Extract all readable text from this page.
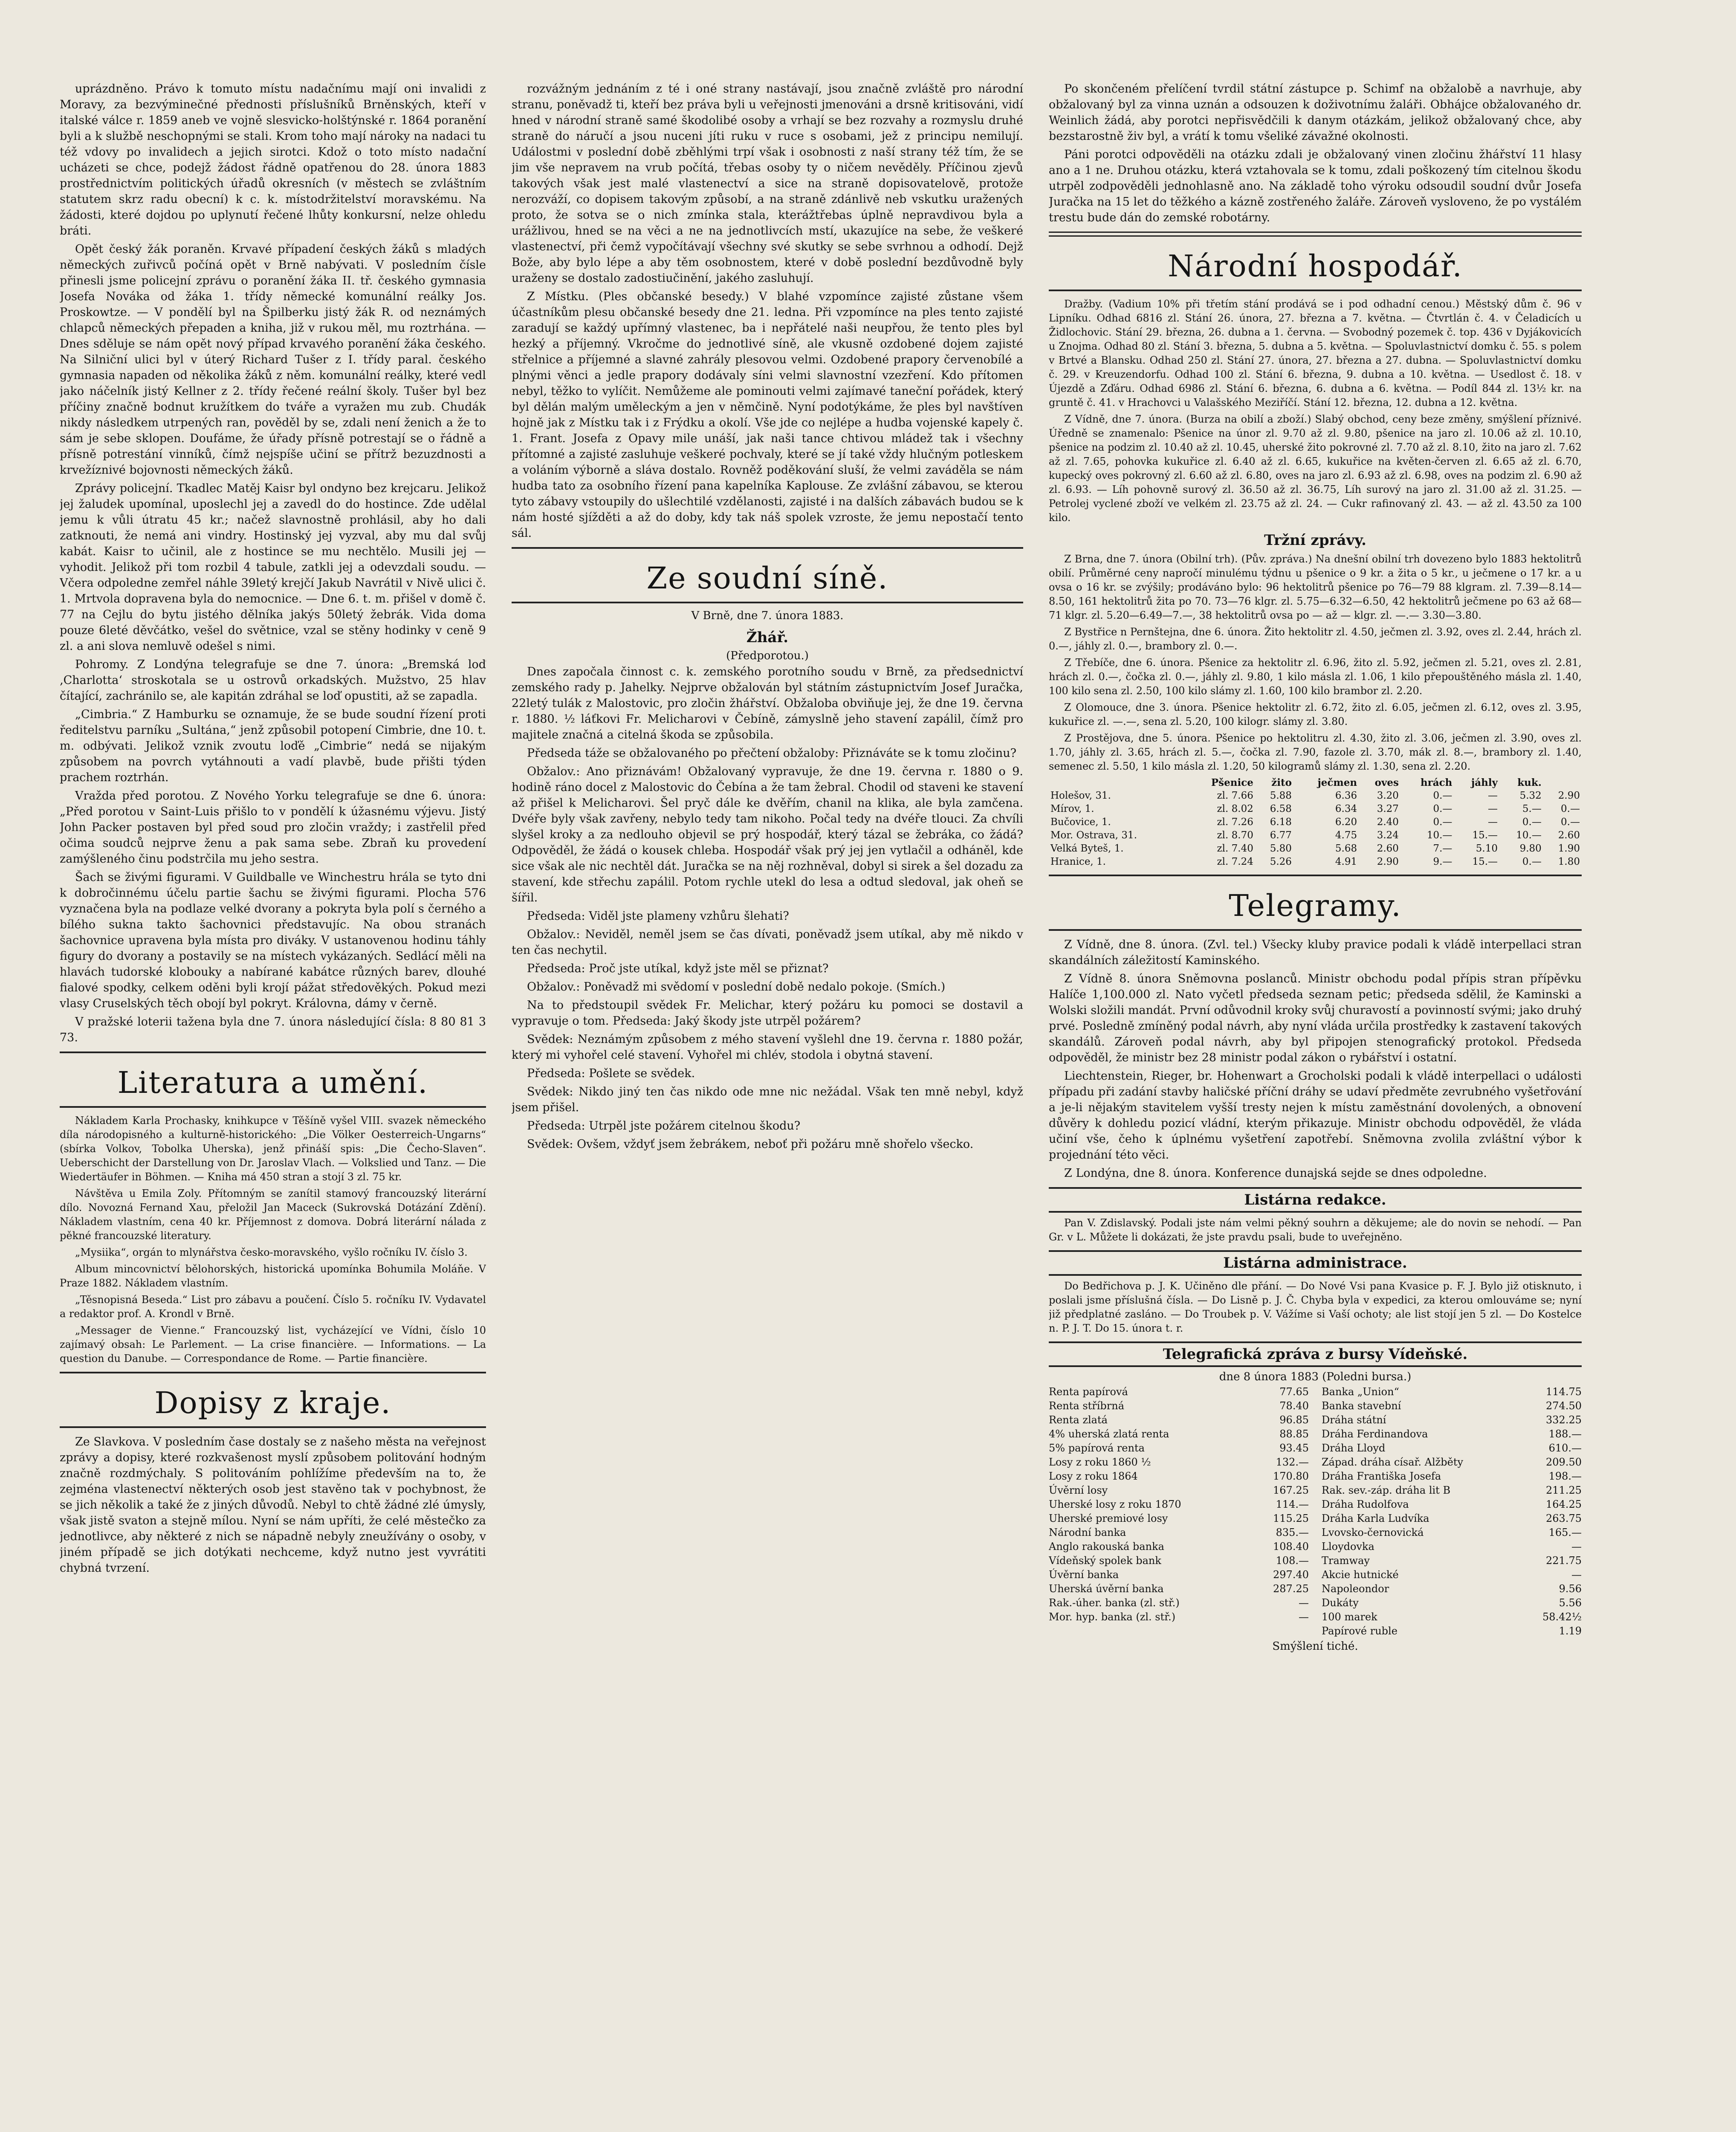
uprázdněno. Právo k tomuto místu nadačnímu mají oni invalidi z Moravy, za bezvýminečné přednosti příslušníků Brněnských, kteří v italské válce r. 1859 aneb ve vojně slesvicko-holštýnské r. 1864 poranění byli a k službě neschopnými se stali. Krom toho mají nároky na nadaci tu též vdovy po invalidech a jejich sirotci. Kdož o toto místo nadační ucházeti se chce, podejž žádost řádně opatřenou do 28. února 1883 prostřednictvím politických úřadů okresních (v městech se zvláštním statutem skrz radu obecní) k c. k. místodržitelství moravskému. Na žádosti, které dojdou po uplynutí řečené lhůty konkursní, nelze ohledu bráti.

Opět český žák poraněn. Krvavé případení českých žáků s mladých německých zuřivců počíná opět v Brně nabývati. V posledním čísle přinesli jsme policejní zprávu o poranění žáka II. tř. českého gymnasia Josefa Nováka od žáka 1. třídy německé komunální reálky Jos. Proskowtze. — V pondělí byl na Špilberku jistý žák R. od neznámých chlapců německých přepaden a kniha, již v rukou měl, mu roztrhána. — Dnes sděluje se nám opět nový případ krvavého poranění žáka českého. Na Silniční ulici byl v úterý Richard Tušer z I. třídy paral. českého gymnasia napaden od několika žáků z něm. komunální reálky, které vedl jako náčelník jistý Kellner z 2. třídy řečené reální školy. Tušer byl bez příčiny značně bodnut kružítkem do tváře a vyražen mu zub. Chudák nikdy následkem utrpených ran, pověděl by se, zdali není ženich a že to sám je sebe sklopen. Doufáme, že úřady přísně potrestají se o řádně a přísně potrestání vinníků, čímž nejspíše učiní se přítrž bezuzdnosti a krvežíznivé bojovnosti německých žáků.

Zprávy policejní. Tkadlec Matěj Kaisr byl ondyno bez krejcaru. Jelikož jej žaludek upomínal, uposlechl jej a zavedl do do hostince. Zde udělal jemu k vůli útratu 45 kr.; načež slavnostně prohlásil, aby ho dali zatknouti, že nemá ani vindry. Hostinský jej vyzval, aby mu dal svůj kabát. Kaisr to učinil, ale z hostince se mu nechtělo. Musili jej — vyhodit. Jelikož při tom rozbil 4 tabule, zatkli jej a odevzdali soudu. — Včera odpoledne zemřel náhle 39letý krejčí Jakub Navrátil v Nivě ulici č. 1. Mrtvola dopravena byla do nemocnice. — Dne 6. t. m. přišel v domě č. 77 na Cejlu do bytu jistého dělníka jakýs 50letý žebrák. Vida doma pouze 6leté děvčátko, vešel do světnice, vzal se stěny hodinky v ceně 9 zl. a ani slova nemluvě odešel s nimi.

Pohromy. Z Londýna telegrafuje se dne 7. února: „Bremská loď ‚Charlotta‘ stroskotala se u ostrovů orkadských. Mužstvo, 25 hlav čítající, zachránilo se, ale kapitán zdráhal se loď opustiti, až se zapadla.

„Cimbria.“ Z Hamburku se oznamuje, že se bude soudní řízení proti ředitelstvu parníku „Sultána,“ jenž způsobil potopení Cimbrie, dne 10. t. m. odbývati. Jelikož vznik zvoutu loďě „Cimbrie“ nedá se nijakým způsobem na povrch vytáhnouti a vadí plavbě, bude přišti týden prachem roztrhán.

Vražda před porotou. Z Nového Yorku telegrafuje se dne 6. února: „Před porotou v Saint-Luis přišlo to v pondělí k úžasnému výjevu. Jistý John Packer postaven byl před soud pro zločin vraždy; i zastřelil před očima soudců nejprve ženu a pak sama sebe. Zbraň ku provedení zamýšleného činu podstrčila mu jeho sestra.

Šach se živými figurami. V Guildballe ve Winchestru hrála se tyto dni k dobročinnému účelu partie šachu se živými figurami. Plocha 576 vyznačena byla na podlaze velké dvorany a pokryta byla polí s černého a bílého sukna takto šachovnici představujíc. Na obou stranách šachovnice upravena byla místa pro diváky. V ustanovenou hodinu táhly figury do dvorany a postavily se na místech vykázaných. Sedlácí měli na hlavách tudorské klobouky a nabírané kabátce různých barev, dlouhé fialové spodky, celkem oděni byli krojí pážat středověkých. Pokud mezi vlasy Cruselských těch obojí byl pokryt. Královna, dámy v černě.

V pražské loterii tažena byla dne 7. února následující čísla: 8 80 81 3 73.

Literatura a umění.

Nákladem Karla Prochasky, knihkupce v Těšíně vyšel VIII. svazek německého díla národopisného a kulturně-historického: „Die Völker Oesterreich-Ungarns“ (sbírka Volkov, Tobolka Uherska), jenž přináší spis: „Die Čecho-Slaven“. Ueberschicht der Darstellung von Dr. Jaroslav Vlach. — Volkslied und Tanz. — Die Wiedertäufer in Böhmen. — Kniha má 450 stran a stojí 3 zl. 75 kr.

Návštěva u Emila Zoly. Přítomným se zanítil stamový francouzský literární dílo. Novozná Fernand Xau, přeložil Jan Maceck (Sukrovská Dotázání Zdění). Nákladem vlastním, cena 40 kr. Příjemnost z domova. Dobrá literární nálada z pěkné francouzské literatury.

„Mysiika“, orgán to mlynářstva česko-moravského, vyšlo ročníku IV. číslo 3.

Album mincovnictví bělohorských, historická upomínka Bohumila Moláňe. V Praze 1882. Nákladem vlastním.

„Těsnopisná Beseda.“ List pro zábavu a poučení. Číslo 5. ročníku IV. Vydavatel a redaktor prof. A. Krondl v Brně.

„Messager de Vienne.“ Francouzský list, vycházející ve Vídni, číslo 10 zajímavý obsah: Le Parlement. — La crise financière. — Informations. — La question du Danube. — Correspondance de Rome. — Partie financière.

Dopisy z kraje.

Ze Slavkova. V posledním čase dostaly se z našeho města na veřejnost zprávy a dopisy, které rozkvašenost myslí způsobem politování hodným značně rozdmýchaly. S politováním pohlížíme především na to, že zejména vlastenectví některých osob jest stavěno tak v pochybnost, že se jich několik a také že z jiných důvodů. Nebyl to chtě žádné zlé úmysly, však jistě svaton a stejně mílou. Nyní se nám upříti, že celé městečko za jednotlivce, aby některé z nich se nápadně nebyly zneužívány o osoby, v jiném případě se jich dotýkati nechceme, když nutno jest vyvrátiti chybná tvrzení.

rozvážným jednáním z té i oné strany nastávají, jsou značně zvláště pro národní stranu, poněvadž ti, kteří bez práva byli u veřejnosti jmenováni a drsně kritisováni, vidí hned v národní straně samé škodolibé osoby a vrhají se bez rozvahy a rozmyslu druhé straně do náručí a jsou nuceni jíti ruku v ruce s osobami, jež z principu nemilují. Událostmi v poslední době zběhlými trpí však i osobnosti z naší strany též tím, že se jim vše nepravem na vrub počítá, třebas osoby ty o ničem nevěděly. Příčinou zjevů takových však jest malé vlastenectví a sice na straně dopisovatelově, protože nerozváží, co dopisem takovým způsobí, a na straně zdánlivě neb vskutku uražených proto, že sotva se o nich zmínka stala, kterážtřebas úplně nepravdivou byla a urážlivou, hned se na věci a ne na jednotlivcích mstí, ukazujíce na sebe, že veškeré vlastenectví, při čemž vypočítávají všechny své skutky se sebe svrhnou a odhodí. Dejž Bože, aby bylo lépe a aby těm osobnostem, které v době poslední bezdůvodně byly uraženy se dostalo zadostiučinění, jakého zasluhují.

Z Místku. (Ples občanské besedy.) V blahé vzpomínce zajisté zůstane všem účastníkům plesu občanské besedy dne 21. ledna. Při vzpomínce na ples tento zajisté zaradují se každý upřímný vlastenec, ba i nepřátelé naši neupřou, že tento ples byl hezký a příjemný. Vkročme do jednotlivé síně, ale vkusně ozdobené dojem zajisté střelnice a příjemné a slavné zahrály plesovou velmi. Ozdobené prapory červenobílé a plnými věnci a jedle prapory dodávaly síni velmi slavnostní vzezření. Kdo přítomen nebyl, těžko to vylíčit. Nemůžeme ale pominouti velmi zajímavé taneční pořádek, který byl dělán malým uměleckým a jen v němčině. Nyní podotýkáme, že ples byl navštíven hojně jak z Místku tak i z Frýdku a okolí. Vše jde co nejlépe a hudba vojenské kapely č. 1. Frant. Josefa z Opavy mile unáší, jak naši tance chtivou mládež tak i všechny přítomné a zajisté zasluhuje veškeré pochvaly, které se jí také vždy hlučným potleskem a voláním výborně a sláva dostalo. Rovněž poděkování sluší, že velmi zaváděla se nám hudba tato za osobního řízení pana kapelníka Kaplouse. Ze zvlášní zábavou, se kterou tyto zábavy vstoupily do ušlechtilé vzdělanosti, zajisté i na dalších zábavách budou se k nám hosté sjížděti a až do doby, kdy tak náš spolek vzroste, že jemu nepostačí tento sál.

Ze soudní síně.
V Brně, dne 7. února 1883.
Žhář.
(Předporotou.)

Dnes započala činnost c. k. zemského porotního soudu v Brně, za předsednictví zemského rady p. Jahelky. Nejprve obžalován byl státním zástupnictvím Josef Juračka, 22letý tulák z Malostovic, pro zločin žhářství. Obžaloba obviňuje jej, že dne 19. června r. 1880. ½ láťkovi Fr. Melicharovi v Čebíně, zámyslně jeho stavení zapálil, čímž pro majitele značná a citelná škoda se způsobila.

Předseda táže se obžalovaného po přečtení obžaloby: Přiznáváte se k tomu zločinu?

Obžalov.: Ano přiznávám! Obžalovaný vypravuje, že dne 19. června r. 1880 o 9. hodině ráno docel z Malostovic do Čebína a že tam žebral. Chodil od staveni ke stavení až přišel k Melicharovi. Šel pryč dále ke dvěřím, chanil na klika, ale byla zamčena. Dvéře byly však zavřeny, nebylo tedy tam nikoho. Počal tedy na dvéře tlouci. Za chvíli slyšel kroky a za nedlouho objevil se prý hospodář, který tázal se žebráka, co žádá? Odpověděl, že žádá o kousek chleba. Hospodář však prý jej jen vytlačil a odháněl, kde sice však ale nic nechtěl dát. Juračka se na něj rozhněval, dobyl si sirek a šel dozadu za stavení, kde střechu zapálil. Potom rychle utekl do lesa a odtud sledoval, jak oheň se šířil.

Předseda: Viděl jste plameny vzhůru šlehati?

Obžalov.: Neviděl, neměl jsem se čas dívati, poněvadž jsem utíkal, aby mě nikdo v ten čas nechytil.

Předseda: Proč jste utíkal, když jste měl se přiznat?

Obžalov.: Poněvadž mi svědomí v poslední době nedalo pokoje. (Smích.)

Na to předstoupil svědek Fr. Melichar, který požáru ku pomoci se dostavil a vypravuje o tom. Předseda: Jaký škody jste utrpěl požárem?

Svědek: Neznámým způsobem z mého stavení vyšlehl dne 19. června r. 1880 požár, který mi vyhořel celé stavení. Vyhořel mi chlév, stodola i obytná stavení.

Předseda: Pošlete se svědek.

Svědek: Nikdo jiný ten čas nikdo ode mne nic nežádal. Však ten mně nebyl, když jsem přišel.

Předseda: Utrpěl jste požárem citelnou škodu?

Svědek: Ovšem, vždyť jsem žebrákem, neboť při požáru mně shořelo všecko.

Po skončeném přelíčení tvrdil státní zástupce p. Schimf na obžalobě a navrhuje, aby obžalovaný byl za vinna uznán a odsouzen k doživotnímu žaláři. Obhájce obžalovaného dr. Weinlich žádá, aby porotci nepřisvědčili k danym otázkám, jelikož obžalovaný chce, aby bezstarostně živ byl, a vrátí k tomu všeliké závažné okolnosti.

Páni porotci odpověděli na otázku zdali je obžalovaný vinen zločinu žhářství 11 hlasy ano a 1 ne. Druhou otázku, která vztahovala se k tomu, zdali poškozený tím citelnou škodu utrpěl zodpověděli jednohlasně ano. Na základě toho výroku odsoudil soudní dvůr Josefa Juračka na 15 let do těžkého a kázně zostřeného žaláře. Zároveň vysloveno, že po vystálém trestu bude dán do zemské robotárny.

Národní hospodář.

Dražby. (Vadium 10% při třetím stání prodává se i pod odhadní cenou.) Městský dům č. 96 v Lipníku. Odhad 6816 zl. Stání 26. února, 27. března a 7. května. — Čtvrtlán č. 4. v Čeladicích u Židlochovic. Stání 29. března, 26. dubna a 1. června. — Svobodný pozemek č. top. 436 v Dyjákovicích u Znojma. Odhad 80 zl. Stání 3. března, 5. dubna a 5. května. — Spoluvlastnictví domku č. 55. s polem v Brtvé a Blansku. Odhad 250 zl. Stání 27. února, 27. března a 27. dubna. — Spoluvlastnictví domku č. 29. v Kreuzendorfu. Odhad 100 zl. Stání 6. března, 9. dubna a 10. května. — Usedlost č. 18. v Újezdě a Zďáru. Odhad 6986 zl. Stání 6. března, 6. dubna a 6. května. — Podíl 844 zl. 13½ kr. na gruntě č. 41. v Hrachovci u Valašského Meziříčí. Stání 12. března, 12. dubna a 12. května.

Z Vídně, dne 7. února. (Burza na obilí a zboží.) Slabý obchod, ceny beze změny, smýšlení příznivé. Úředně se znamenalo: Pšenice na únor zl. 9.70 až zl. 9.80, pšenice na jaro zl. 10.06 až zl. 10.10, pšenice na podzim zl. 10.40 až zl. 10.45, uherské žito pokrovné zl. 7.70 až zl. 8.10, žito na jaro zl. 7.62 až zl. 7.65, pohovka kukuřice zl. 6.40 až zl. 6.65, kukuřice na květen-červen zl. 6.65 až zl. 6.70, kupecký oves pokrovný zl. 6.60 až zl. 6.80, oves na jaro zl. 6.93 až zl. 6.98, oves na podzim zl. 6.90 až zl. 6.93. — Líh pohovně surový zl. 36.50 až zl. 36.75, Líh surový na jaro zl. 31.00 až zl. 31.25. — Petrolej vyclené zboží ve velkém zl. 23.75 až zl. 24. — Cukr rafinovaný zl. 43. — až zl. 43.50 za 100 kilo.

Tržní zprávy.

Z Brna, dne 7. února (Obilní trh). (Pův. zpráva.) Na dnešní obilní trh dovezeno bylo 1883 hektolitrů obilí. Průměrné ceny napročí minulému týdnu u pšenice o 9 kr. a žita o 5 kr., u ječmene o 17 kr. a u ovsa o 16 kr. se zvýšily; prodáváno bylo: 96 hektolitrů pšenice po 76—79 88 klgram. zl. 7.39—8.14—8.50, 161 hektolitrů žita po 70. 73—76 klgr. zl. 5.75—6.32—6.50, 42 hektolitrů ječmene po 63 až 68—71 klgr. zl. 5.20—6.49—7.—, 38 hektolitrů ovsa po — až — klgr. zl. —.— 3.30—3.80.

Z Bystřice n Pernštejna, dne 6. února. Žito hektolitr zl. 4.50, ječmen zl. 3.92, oves zl. 2.44, hrách zl. 0.—, jáhly zl. 0.—, brambory zl. 0.—.

Z Třebíče, dne 6. února. Pšenice za hektolitr zl. 6.96, žito zl. 5.92, ječmen zl. 5.21, oves zl. 2.81, hrách zl. 0.—, čočka zl. 0.—, jáhly zl. 9.80, 1 kilo másla zl. 1.06, 1 kilo přepouštěného másla zl. 1.40, 100 kilo sena zl. 2.50, 100 kilo slámy zl. 1.60, 100 kilo brambor zl. 2.20.

Z Olomouce, dne 3. února. Pšenice hektolitr zl. 6.72, žito zl. 6.05, ječmen zl. 6.12, oves zl. 3.95, kukuřice zl. —.—, sena zl. 5.20, 100 kilogr. slámy zl. 3.80.

Z Prostějova, dne 5. února. Pšenice po hektolitru zl. 4.30, žito zl. 3.06, ječmen zl. 3.90, oves zl. 1.70, jáhly zl. 3.65, hrách zl. 5.—, čočka zl. 7.90, fazole zl. 3.70, mák zl. 8.—, brambory zl. 1.40, semenec zl. 5.50, 1 kilo másla zl. 1.20, 50 kilogramů slámy zl. 1.30, sena zl. 2.20.

	Pšenice	žito	ječmen	oves	hrách	jáhly	kuk.	
Holešov, 31.	zl. 7.66	5.88	6.36	3.20	0.—	—	5.32	2.90
Mírov, 1.	zl. 8.02	6.58	6.34	3.27	0.—	—	5.—	0.—
Bučovice, 1.	zl. 7.26	6.18	6.20	2.40	0.—	—	0.—	0.—
Mor. Ostrava, 31.	zl. 8.70	6.77	4.75	3.24	10.—	15.—	10.—	2.60
Velká Byteš, 1.	zl. 7.40	5.80	5.68	2.60	7.—	5.10	9.80	1.90
Hranice, 1.	zl. 7.24	5.26	4.91	2.90	9.—	15.—	0.—	1.80
Telegramy.

Z Vídně, dne 8. února. (Zvl. tel.) Všecky kluby pravice podali k vládě interpellaci stran skandálních záležitostí Kaminského.

Z Vídně 8. února Sněmovna poslanců. Ministr obchodu podal přípis stran přípěvku Halíče 1,100.000 zl. Nato vyčetl předseda seznam petic; předseda sdělil, že Kaminski a Wolski složili mandát. První odůvodnil kroky svůj churavostí a povinností svými; jako druhý prvé. Posledně zmíněný podal návrh, aby nyní vláda určila prostředky k zastavení takových skandálů. Zároveň podal návrh, aby byl připojen stenografický protokol. Předseda odpověděl, že ministr bez 28 ministr podal zákon o rybářství i ostatní.

Liechtenstein, Rieger, br. Hohenwart a Grocholski podali k vládě interpellaci o události případu při zadání stavby haličské příční dráhy se udaví předměte zevrubného vyšetřování a je-li nějakým stavitelem vyšší tresty nejen k místu zaměstnání dovolených, a obnovení důvěry k dohledu pozicí vládní, kterým přikazuje. Ministr obchodu odpověděl, že vláda učiní vše, čeho k úplnému vyšetření zapotřebí. Sněmovna zvolila zvláštní výbor k projednání této věci.

Z Londýna, dne 8. února. Konference dunajská sejde se dnes odpoledne.

Listárna redakce.

Pan V. Zdislavský. Podali jste nám velmi pěkný souhrn a děkujeme; ale do novin se nehodí. — Pan Gr. v L. Můžete li dokázati, že jste pravdu psali, bude to uveřejněno.

Listárna administrace.

Do Bedřichova p. J. K. Učiněno dle přání. — Do Nové Vsi pana Kvasice p. F. J. Bylo již otisknuto, i poslali jsme příslušná čísla. — Do Lisně p. J. Č. Chyba byla v expedici, za kterou omlouváme se; nyní již předplatné zasláno. — Do Troubek p. V. Vážíme si Vaší ochoty; ale list stojí jen 5 zl. — Do Kostelce n. P. J. T. Do 15. února t. r.

Telegrafická zpráva z bursy Vídeňské.
dne 8 února 1883 (Poledni bursa.)
Renta papírová	77.65
Renta stříbrná	78.40
Renta zlatá	96.85
4% uherská zlatá renta	88.85
5% papírová renta	93.45
Losy z roku 1860 ½	132.—
Losy z roku 1864	170.80
Úvěrní losy	167.25
Uherské losy z roku 1870	114.—
Uherské premiové losy	115.25
Národní banka	835.—
Anglo rakouská banka	108.40
Vídeňský spolek bank	108.—
Úvěrní banka	297.40
Uherská úvěrní banka	287.25
Rak.-úher. banka (zl. stř.)	—
Mor. hyp. banka (zl. stř.)	—
Banka „Union“	114.75
Banka stavební	274.50
Dráha státní	332.25
Dráha Ferdinandova	188.—
Dráha Lloyd	610.—
Západ. dráha císař. Alžběty	209.50
Dráha Františka Josefa	198.—
Rak. sev.-záp. dráha lit B	211.25
Dráha Rudolfova	164.25
Dráha Karla Ludvíka	263.75
Lvovsko-černovická	165.—
Lloydovka	—
Tramway	221.75
Akcie hutnické	—
Napoleondor	9.56
Dukáty	5.56
100 marek	58.42½
Papírové ruble	1.19
Smýšlení tiché.
